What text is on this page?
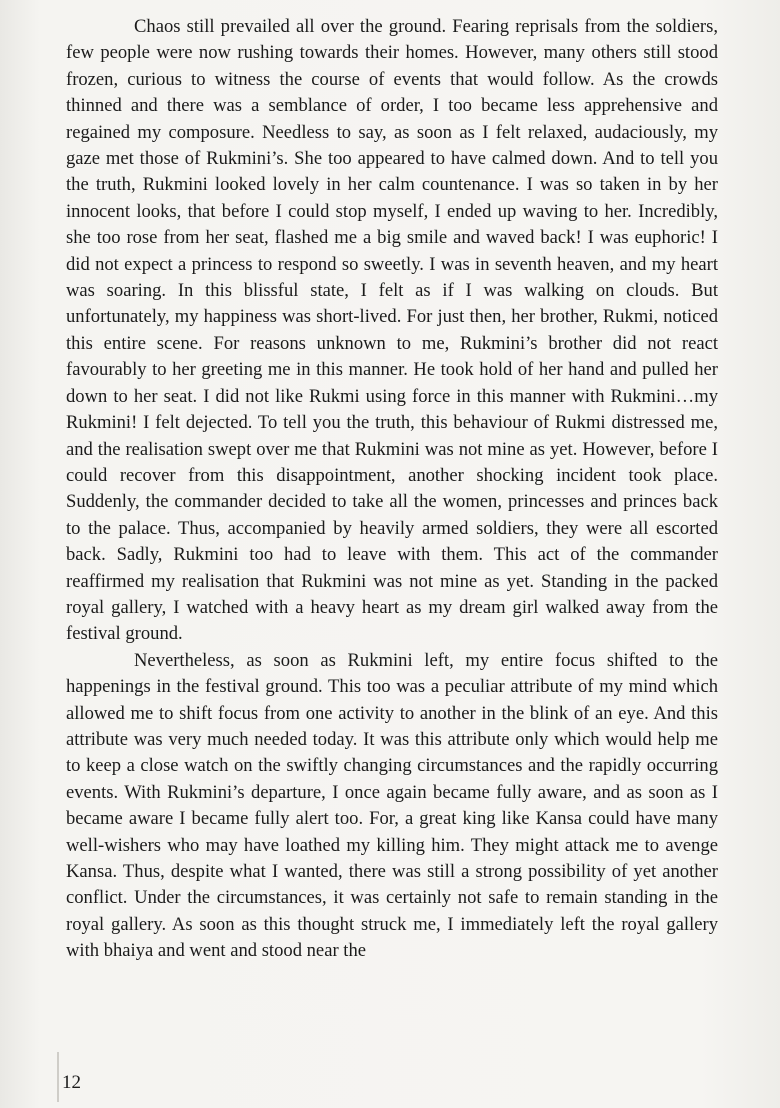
Chaos still prevailed all over the ground. Fearing reprisals from the soldiers, few people were now rushing towards their homes. However, many others still stood frozen, curious to witness the course of events that would follow. As the crowds thinned and there was a semblance of order, I too became less apprehensive and regained my composure. Needless to say, as soon as I felt relaxed, audaciously, my gaze met those of Rukmini’s. She too appeared to have calmed down. And to tell you the truth, Rukmini looked lovely in her calm countenance. I was so taken in by her innocent looks, that before I could stop myself, I ended up waving to her. Incredibly, she too rose from her seat, flashed me a big smile and waved back! I was euphoric! I did not expect a princess to respond so sweetly. I was in seventh heaven, and my heart was soaring. In this blissful state, I felt as if I was walking on clouds. But unfortunately, my happiness was short-lived. For just then, her brother, Rukmi, noticed this entire scene. For reasons unknown to me, Rukmini’s brother did not react favourably to her greeting me in this manner. He took hold of her hand and pulled her down to her seat. I did not like Rukmi using force in this manner with Rukmini…my Rukmini! I felt dejected. To tell you the truth, this behaviour of Rukmi distressed me, and the realisation swept over me that Rukmini was not mine as yet. However, before I could recover from this disappointment, another shocking incident took place. Suddenly, the commander decided to take all the women, princesses and princes back to the palace. Thus, accompanied by heavily armed soldiers, they were all escorted back. Sadly, Rukmini too had to leave with them. This act of the commander reaffirmed my realisation that Rukmini was not mine as yet. Standing in the packed royal gallery, I watched with a heavy heart as my dream girl walked away from the festival ground.

Nevertheless, as soon as Rukmini left, my entire focus shifted to the happenings in the festival ground. This too was a peculiar attribute of my mind which allowed me to shift focus from one activity to another in the blink of an eye. And this attribute was very much needed today. It was this attribute only which would help me to keep a close watch on the swiftly changing circumstances and the rapidly occurring events. With Rukmini’s departure, I once again became fully aware, and as soon as I became aware I became fully alert too. For, a great king like Kansa could have many well-wishers who may have loathed my killing him. They might attack me to avenge Kansa. Thus, despite what I wanted, there was still a strong possibility of yet another conflict. Under the circumstances, it was certainly not safe to remain standing in the royal gallery. As soon as this thought struck me, I immediately left the royal gallery with bhaiya and went and stood near the

12
